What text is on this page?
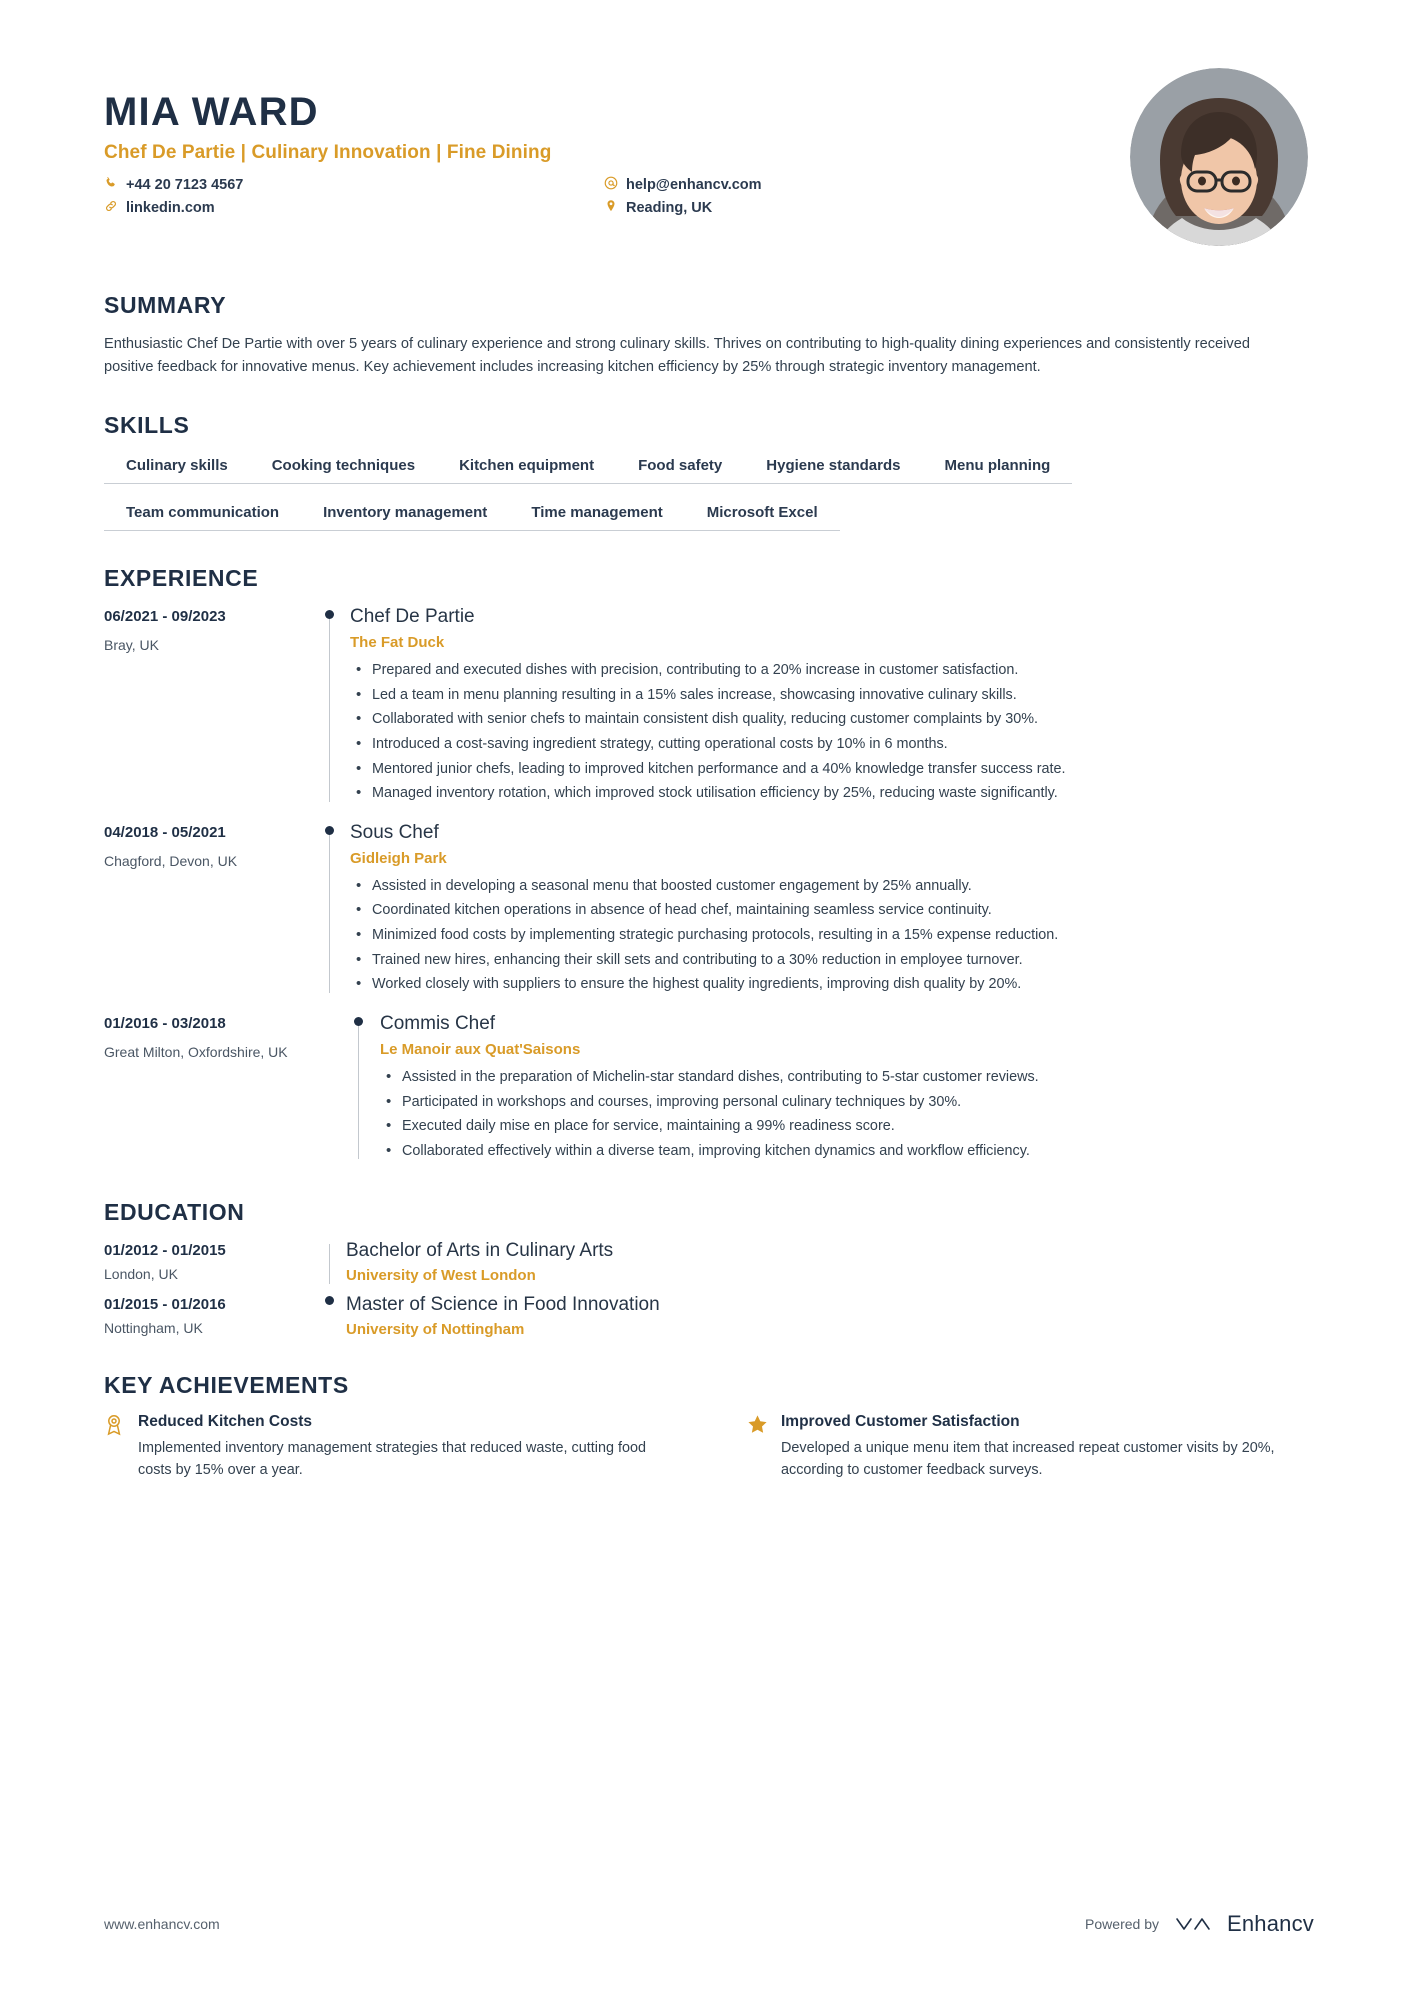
MIA WARD
Chef De Partie | Culinary Innovation | Fine Dining
+44 20 7123 4567	help@enhancv.com
linkedin.com	Reading, UK
SUMMARY
Enthusiastic Chef De Partie with over 5 years of culinary experience and strong culinary skills. Thrives on contributing to high-quality dining experiences and consistently received positive feedback for innovative menus. Key achievement includes increasing kitchen efficiency by 25% through strategic inventory management.
SKILLS
Culinary skills	Cooking techniques	Kitchen equipment	Food safety	Hygiene standards	Menu planning
Team communication	Inventory management	Time management	Microsoft Excel
EXPERIENCE
06/2021 - 09/2023
Bray, UK
Chef De Partie
The Fat Duck
• Prepared and executed dishes with precision, contributing to a 20% increase in customer satisfaction.
• Led a team in menu planning resulting in a 15% sales increase, showcasing innovative culinary skills.
• Collaborated with senior chefs to maintain consistent dish quality, reducing customer complaints by 30%.
• Introduced a cost-saving ingredient strategy, cutting operational costs by 10% in 6 months.
• Mentored junior chefs, leading to improved kitchen performance and a 40% knowledge transfer success rate.
• Managed inventory rotation, which improved stock utilisation efficiency by 25%, reducing waste significantly.
04/2018 - 05/2021
Chagford, Devon, UK
Sous Chef
Gidleigh Park
• Assisted in developing a seasonal menu that boosted customer engagement by 25% annually.
• Coordinated kitchen operations in absence of head chef, maintaining seamless service continuity.
• Minimized food costs by implementing strategic purchasing protocols, resulting in a 15% expense reduction.
• Trained new hires, enhancing their skill sets and contributing to a 30% reduction in employee turnover.
• Worked closely with suppliers to ensure the highest quality ingredients, improving dish quality by 20%.
01/2016 - 03/2018
Great Milton, Oxfordshire, UK
Commis Chef
Le Manoir aux Quat'Saisons
• Assisted in the preparation of Michelin-star standard dishes, contributing to 5-star customer reviews.
• Participated in workshops and courses, improving personal culinary techniques by 30%.
• Executed daily mise en place for service, maintaining a 99% readiness score.
• Collaborated effectively within a diverse team, improving kitchen dynamics and workflow efficiency.
EDUCATION
01/2012 - 01/2015
London, UK
Bachelor of Arts in Culinary Arts
University of West London
01/2015 - 01/2016
Nottingham, UK
Master of Science in Food Innovation
University of Nottingham
KEY ACHIEVEMENTS
Reduced Kitchen Costs
Implemented inventory management strategies that reduced waste, cutting food costs by 15% over a year.
Improved Customer Satisfaction
Developed a unique menu item that increased repeat customer visits by 20%, according to customer feedback surveys.
www.enhancv.com	Powered by	Enhancv
